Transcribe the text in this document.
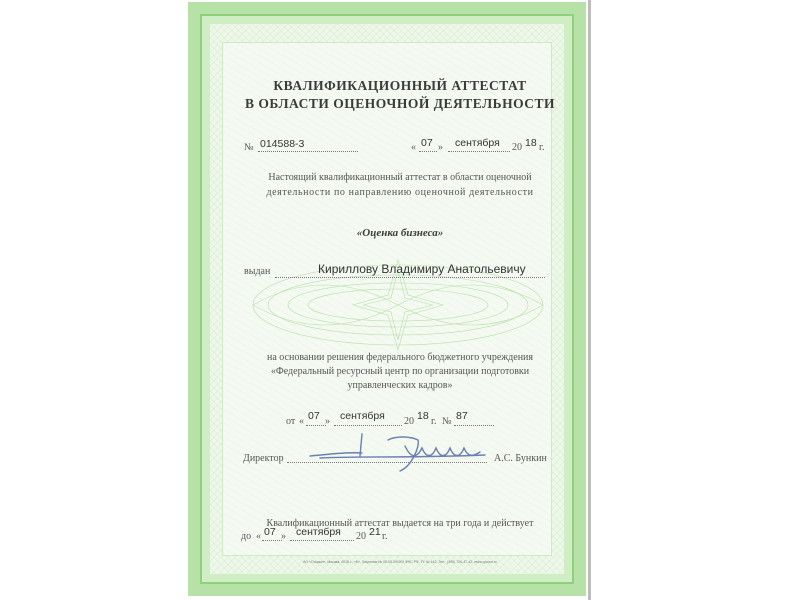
КВАЛИФИКАЦИОННЫЙ АТТЕСТАТ
В ОБЛАСТИ ОЦЕНОЧНОЙ ДЕЯТЕЛЬНОСТИ
№ 014588-3	« 07 » сентября 20 18 г.
Настоящий квалификационный аттестат в области оценочной
деятельности по направлению оценочной деятельности
«Оценка бизнеса»
выдан	Кириллову Владимиру Анатольевичу
на основании решения федерального бюджетного учреждения
«Федеральный ресурсный центр по организации подготовки
управленческих кадров»
от « 07 » сентября 20 18 г. № 87
Директор	А.С. Бункин
Квалификационный аттестат выдается на три года и действует
до « 07 » сентября 20 21 г.
АО «Опцион», Москва, 2018 г., «Б», Лицензия № 05-05-09/003 ФНС РФ, ТУ № 142, Тел.: (495) 726-47-42, www.opcion.ru
